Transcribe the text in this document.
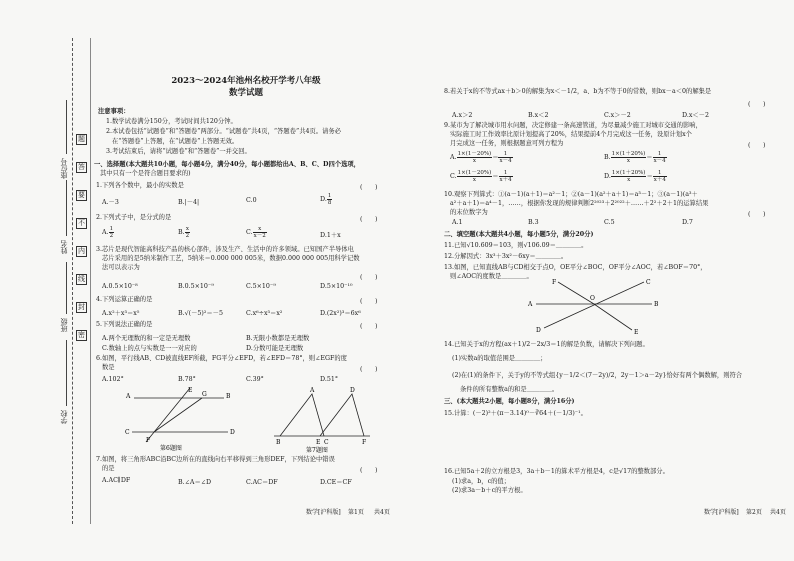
学校
班级
姓名
座位号
密
封
线
内
不
要
答
题
2023～2024年池州名校开学考八年级
数学试题
注意事项：
1.数学试卷满分150分，考试时间共120分钟。
2.本试卷包括“试题卷”和“答题卷”两部分。“试题卷”共4页，“答题卷”共4页。请务必
在“答题卷”上答题，在“试题卷”上答题无效。
3.考试结束后，请将“试题卷”和“答题卷”一并交回。
一、选择题(本大题共10小题，每小题4分，满分40分，每小题都给出A、B、C、D四个选项，
其中只有一个是符合题目要求的)
1.下列各个数中，最小的实数是	(　　)
A.－3	B.|－4|	C.0	D. $\frac{1}{8}$
2.下列式子中，是分式的是	(　　)
A. $\frac{1}{2}$	B. $\frac{x}{2}$	C. $\frac{x}{x-2}$	D.1＋x
3.芯片是现代智能高科技产品的核心部件，涉及生产、生活中的许多领域。已知国产半导体电
芯片采用的是5纳米制作工艺，5纳米＝0.000 000 005米，数据0.000 000 005用科学记数
法可以表示为
(　　)
A.0.5×10⁻⁸	B.0.5×10⁻⁹	C.5×10⁻⁹	D.5×10⁻¹⁰
4.下列运算正确的是	(　　)
A.x²＋x³＝x⁵	B.√(－5)²＝－5	C.x⁶÷x³＝x²	D.(2x²)³＝6x⁶
5.下列说法正确的是	(　　)
A.两个无理数的和一定是无理数	B.无限小数都是无理数
C.数轴上的点与实数是一一对应的	D.分数可能是无理数
6.如图，平行线AB、CD被直线EF所截，FG平分∠EFD，若∠EFD＝78°，则∠EGF的度
数是	(　　)
A.102°	B.78°	C.39°	D.51°
A	B
C	D
E
F
G
第6题图
A	D
B	E C	F
第7题图
7.如图，将三角形ABC沿BC边所在的直线向右平移得到三角形DEF，下列结论中错误
的是	(　　)
A.AC∥DF	B.∠A＝∠D	C.AC＝DF	D.CE＝CF
数学[沪科版] 第1页 共4页
8.若关于x的不等式ax＋b＞0的解集为x＜－1/2，a、b为不等于0的常数，则bx－a＜0的解集是
(　　)
A.x＞2	B.x＜2	C.x＞－2	D.x＜－2
9.某市为了解决城市用水问题，决定修建一条高速管道，为尽量减少施工对城市交通的影响，
实际施工时工作效率比原计划提高了20%，结果提前4个月完成这一任务，设原计划x个
月完成这一任务，则根据题意可列方程为	(　　)
A. $\frac{1\times(1-20\%)}{x} = \frac{1}{x-4}$	B. $\frac{1\times(1+20\%)}{x} = \frac{1}{x-4}$
C. $\frac{1\times(1-20\%)}{x} = \frac{1}{x+4}$	D. $\frac{1\times(1+20\%)}{x} = \frac{1}{x+4}$
10.观察下列算式：①(a－1)(a＋1)＝a²－1；②(a－1)(a²＋a＋1)＝a³－1；③(a－1)(a³＋
a²＋a＋1)＝a⁴－1，……，根据你发现的规律判断2²⁰²³＋2²⁰²²＋……＋2²＋2＋1的运算结果
的末位数字为	(　　)
A.1	B.3	C.5	D.7
二、填空题(本大题共4小题，每小题5分，满分20分)
11.已知√10.609＝103，则√106.09＝＿＿＿＿。
12.分解因式：3x³＋3x²－6xy＝＿＿＿＿。
13.如图，已知直线AB与CD相交于点O，OE平分∠BOC，OF平分∠AOC，若∠BOF＝70°，
则∠AOC的度数是＿＿＿＿。
A	B
C
D	E
F
O
14.已知关于x的方程(ax＋1)/2－2x/3＝1的解是负数，请解决下列问题。
(1)实数a的取值范围是＿＿＿＿；
(2)在(1)的条件下，关于y的不等式组{y－1/2＜(7－2y)/2，2y－1＞a－2y}恰好有两个偶数解，则符合
条件的所有整数a的和是＿＿＿＿。
三、(本大题共2小题，每小题8分，满分16分)
15.计算：(－2)²＋(π－3.14)⁰－∛64＋(－1/3)⁻¹。
16.已知5a＋2的立方根是3，3a＋b－1的算术平方根是4，c是√17的整数部分。
(1)求a，b，c的值；
(2)求3a－b＋c的平方根。
数学[沪科版] 第2页 共4页
